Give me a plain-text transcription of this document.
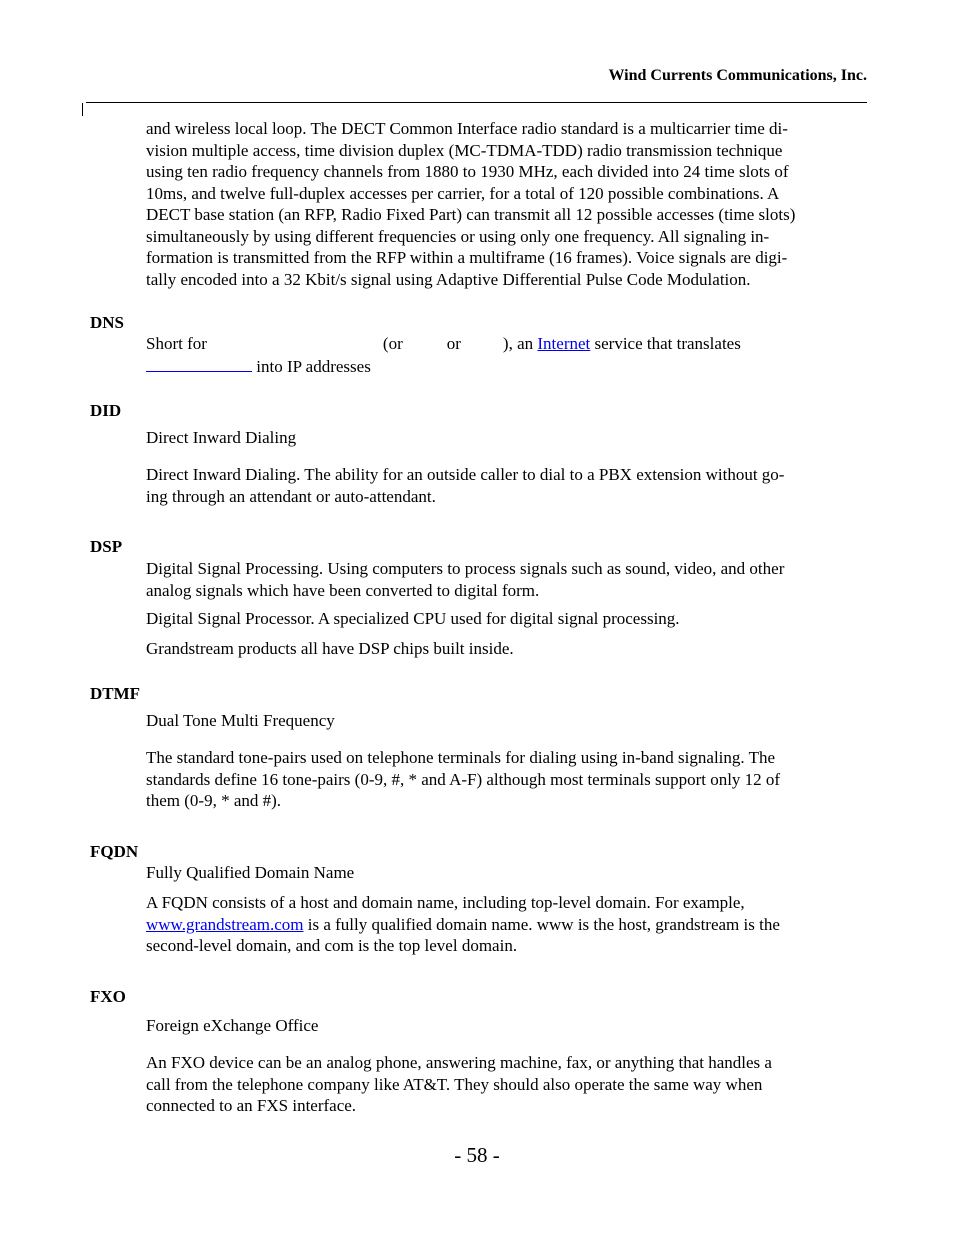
Wind Currents Communications, Inc.
and wireless local loop. The DECT Common Interface radio standard is a multicarrier time di-
vision multiple access, time division duplex (MC-TDMA-TDD) radio transmission technique
using ten radio frequency channels from 1880 to 1930 MHz, each divided into 24 time slots of
10ms, and twelve full-duplex accesses per carrier, for a total of 120 possible combinations. A
DECT base station (an RFP, Radio Fixed Part) can transmit all 12 possible accesses (time slots)
simultaneously by using different frequencies or using only one frequency. All signaling in-
formation is transmitted from the RFP within a multiframe (16 frames). Voice signals are digi-
tally encoded into a 32 Kbit/s signal using Adaptive Differential Pulse Code Modulation.
DNS
Short for	(or	or ), an Internet service that translates
into IP addresses
DID
Direct Inward Dialing
Direct Inward Dialing. The ability for an outside caller to dial to a PBX extension without go-
ing through an attendant or auto-attendant.
DSP
Digital Signal Processing. Using computers to process signals such as sound, video, and other
analog signals which have been converted to digital form.
Digital Signal Processor. A specialized CPU used for digital signal processing.
Grandstream products all have DSP chips built inside.
DTMF
Dual Tone Multi Frequency
The standard tone-pairs used on telephone terminals for dialing using in-band signaling. The
standards define 16 tone-pairs (0-9, #, * and A-F) although most terminals support only 12 of
them (0-9, * and #).
FQDN
Fully Qualified Domain Name
A FQDN consists of a host and domain name, including top-level domain. For example,
www.grandstream.com is a fully qualified domain name. www is the host, grandstream is the
second-level domain, and com is the top level domain.
FXO
Foreign eXchange Office
An FXO device can be an analog phone, answering machine, fax, or anything that handles a
call from the telephone company like AT&T. They should also operate the same way when
connected to an FXS interface.
- 58 -
